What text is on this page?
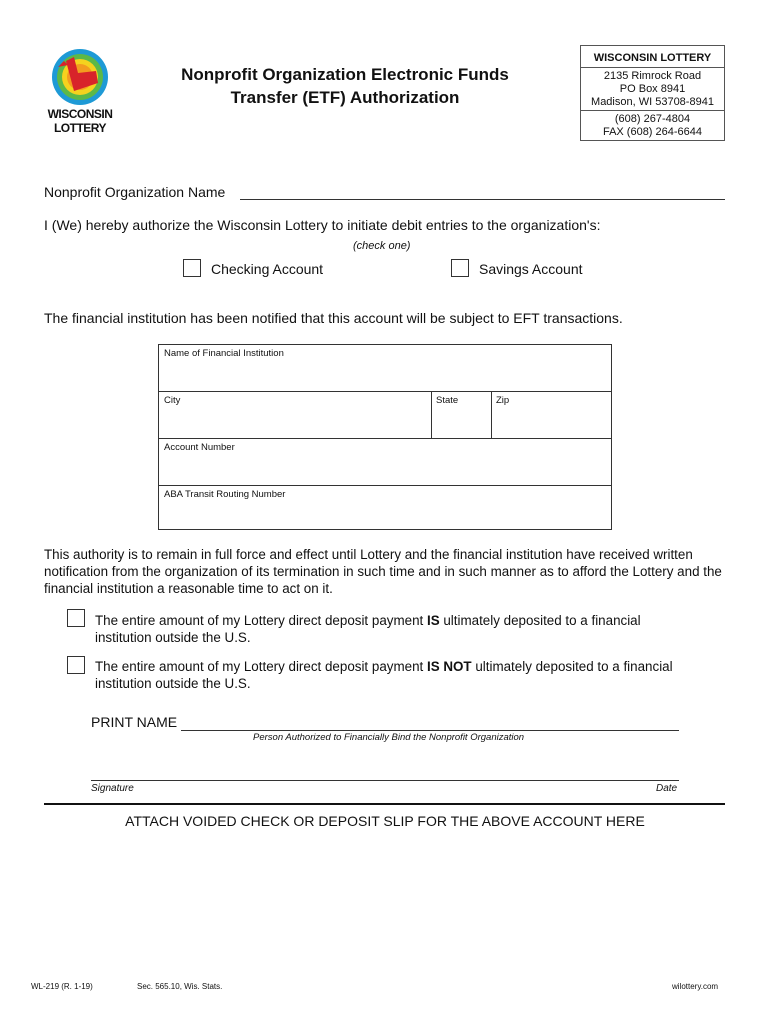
WISCONSIN
LOTTERY
Nonprofit Organization Electronic Funds
Transfer (ETF) Authorization
WISCONSIN LOTTERY
2135 Rimrock Road
PO Box 8941
Madison, WI 53708-8941
(608) 267-4804
FAX (608) 264-6644
Nonprofit Organization Name
I (We) hereby authorize the Wisconsin Lottery to initiate debit entries to the organization's:
(check one)
Checking Account	Savings Account
The financial institution has been notified that this account will be subject to EFT transactions.
Name of Financial Institution
City	State	Zip
Account Number
ABA Transit Routing Number
This authority is to remain in full force and effect until Lottery and the financial institution have received written notification from the organization of its termination in such time and in such manner as to afford the Lottery and the financial institution a reasonable time to act on it.
The entire amount of my Lottery direct deposit payment IS ultimately deposited to a financial institution outside the U.S.
The entire amount of my Lottery direct deposit payment IS NOT ultimately deposited to a financial institution outside the U.S.
PRINT NAME
Person Authorized to Financially Bind the Nonprofit Organization
Signature	Date
ATTACH VOIDED CHECK OR DEPOSIT SLIP FOR THE ABOVE ACCOUNT HERE
WL-219 (R. 1-19)	Sec. 565.10, Wis. Stats.	wilottery.com
